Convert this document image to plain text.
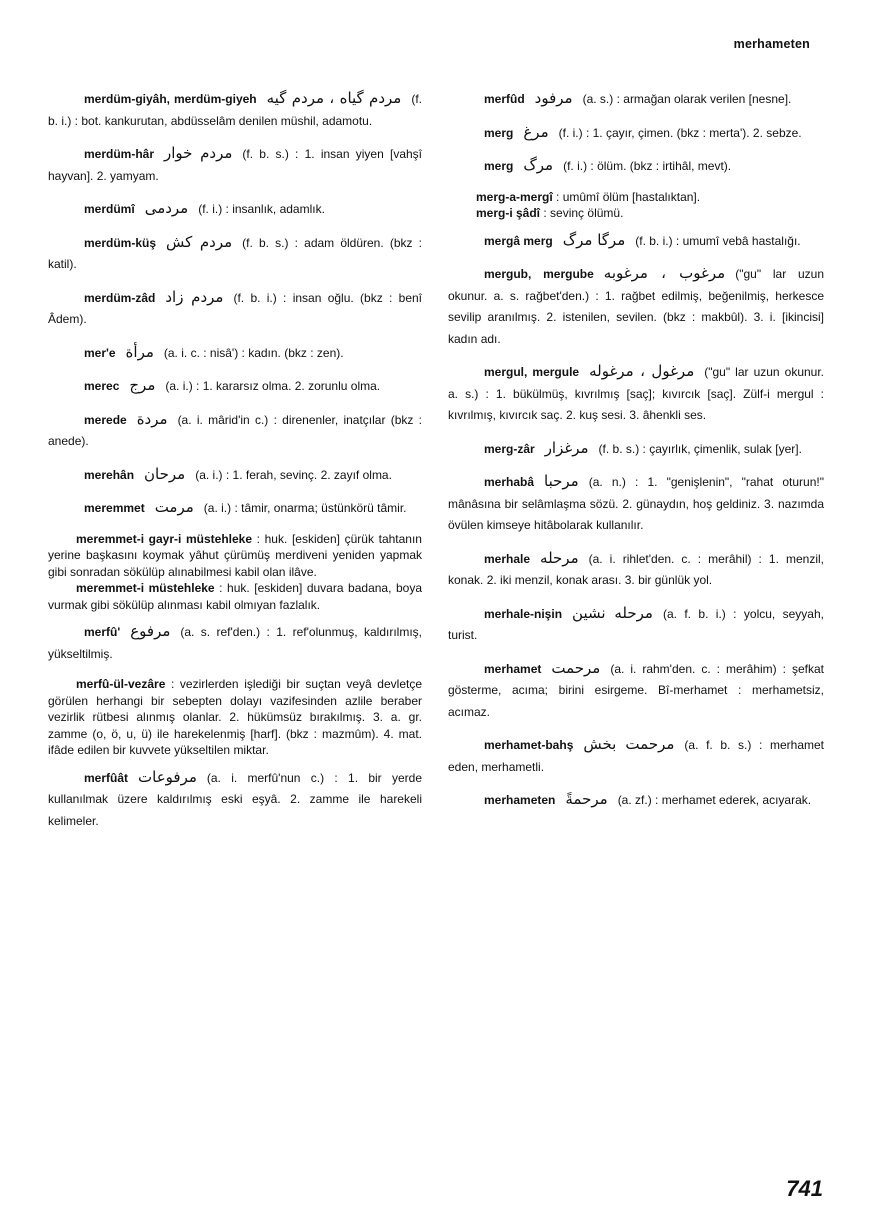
merhameten

merdüm-giyâh, merdüm-giyeh مردم گیاه ، مردم گیه (f. b. i.) : bot. kankurutan, abdüsselâm denilen müshil, adamotu.

merdüm-hâr مردم خوار (f. b. s.) : 1. insan yiyen [vahşî hayvan]. 2. yamyam.

merdümî مردمی (f. i.) : insanlık, adamlık.

merdüm-küş مردم کش (f. b. s.) : adam öldüren. (bkz : katil).

merdüm-zâd مردم زاد (f. b. i.) : insan oğlu. (bkz : benî Âdem).

mer'e مرأة (a. i. c. : nisâ') : kadın. (bkz : zen).

merec مرج (a. i.) : 1. kararsız olma. 2. zorunlu olma.

merede مردة (a. i. mârid'in c.) : direnenler, inatçılar (bkz : anede).

merehân مرحان (a. i.) : 1. ferah, sevinç. 2. zayıf olma.

meremmet مرمت (a. i.) : tâmir, onarma; üstünkörü tâmir.

meremmet-i gayr-i müstehleke : huk. [eskiden] çürük tahtanın yerine başkasını koymak yâhut çürümüş merdiveni yeniden yapmak gibi sonradan sökülüp alınabilmesi kabil olan ilâve.

meremmet-i müstehleke : huk. [eskiden] duvara badana, boya vurmak gibi sökülüp alınması kabil olmıyan fazlalık.

merfû' مرفوع (a. s. ref'den.) : 1. ref'olunmuş, kaldırılmış, yükseltilmiş.

merfû-ül-vezâre : vezirlerden işlediği bir suçtan veyâ devletçe görülen herhangi bir sebepten dolayı vazifesinden azlile beraber vezirlik rütbesi alınmış olanlar. 2. hükümsüz bırakılmış. 3. a. gr. zamme (o, ö, u, ü) ile harekelenmiş [harf]. (bkz : mazmûm). 4. mat. ifâde edilen bir kuvvete yükseltilen miktar.

merfûât مرفوعات (a. i. merfû'nun c.) : 1. bir yerde kullanılmak üzere kaldırılmış eski eşyâ. 2. zamme ile harekeli kelimeler.

merfûd مرفود (a. s.) : armağan olarak verilen [nesne].

merg مرغ (f. i.) : 1. çayır, çimen. (bkz : merta'). 2. sebze.

merg مرگ (f. i.) : ölüm. (bkz : irtihâl, mevt).

merg-a-mergî : umûmî ölüm [hastalıktan].

merg-i şâdî : sevinç ölümü.

mergâ merg مرگا مرگ (f. b. i.) : umumî vebâ hastalığı.

mergub, mergube مرغوب ، مرغوبه ("gu" lar uzun okunur. a. s. rağbet'den.) : 1. rağbet edilmiş, beğenilmiş, herkesce sevilip aranılmış. 2. istenilen, sevilen. (bkz : makbûl). 3. i. [ikincisi] kadın adı.

mergul, mergule مرغول ، مرغوله ("gu" lar uzun okunur. a. s.) : 1. bükülmüş, kıvrılmış [saç]; kıvırcık [saç]. Zülf-i mergul : kıvrılmış, kıvırcık saç. 2. kuş sesi. 3. âhenkli ses.

merg-zâr مرغزار (f. b. s.) : çayırlık, çimenlik, sulak [yer].

merhabâ مرحبا (a. n.) : 1. "genişlenin", "rahat oturun!" mânâsına bir selâmlaşma sözü. 2. günaydın, hoş geldiniz. 3. nazımda övülen kimseye hitâbolarak kullanılır.

merhale مرحله (a. i. rihlet'den. c. : merâhil) : 1. menzil, konak. 2. iki menzil, konak arası. 3. bir günlük yol.

merhale-nişin مرحله نشین (a. f. b. i.) : yolcu, seyyah, turist.

merhamet مرحمت (a. i. rahm'den. c. : merâhim) : şefkat gösterme, acıma; birini esirgeme. Bî-merhamet : merhametsiz, acımaz.

merhamet-bahş مرحمت بخش (a. f. b. s.) : merhamet eden, merhametli.

merhameten مرحمةً (a. zf.) : merhamet ederek, acıyarak.

741
